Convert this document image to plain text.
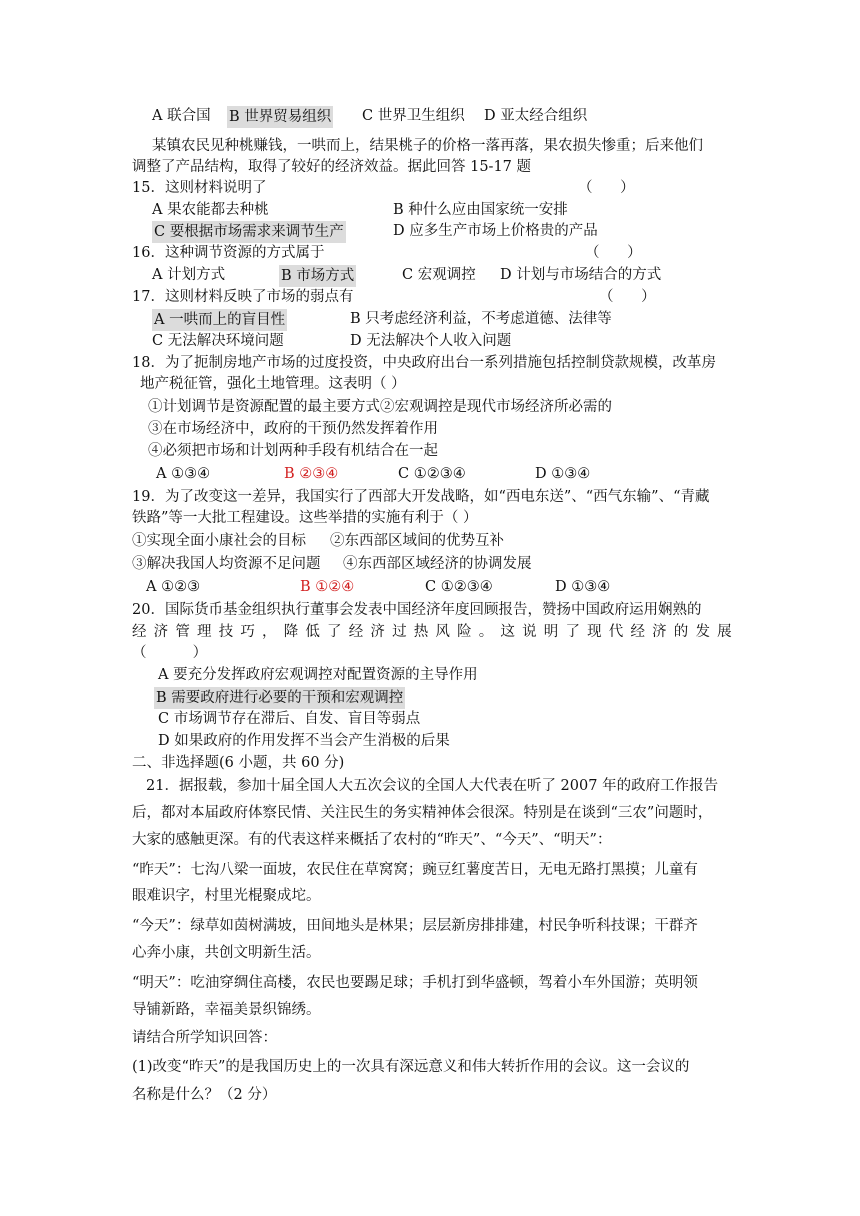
A 联合国 B 世界贸易组织 C 世界卫生组织 D 亚太经合组织
某镇农民见种桃赚钱，一哄而上，结果桃子的价格一落再落，果农损失惨重；后来他们
调整了产品结构，取得了较好的经济效益。据此回答 15-17 题
15．这则材料说明了	（      ）
A 果农能都去种桃	B 种什么应由国家统一安排
C 要根据市场需求来调节生产	D 应多生产市场上价格贵的产品
16．这种调节资源的方式属于	（      ）
A 计划方式	B 市场方式	C 宏观调控 D 计划与市场结合的方式
17．这则材料反映了市场的弱点有	（      ）
A 一哄而上的盲目性	B 只考虑经济利益，不考虑道德、法律等
C 无法解决环境问题	D 无法解决个人收入问题
18．为了扼制房地产市场的过度投资，中央政府出台一系列措施包括控制贷款规模，改革房
地产税征管，强化土地管理。这表明（ ）
①计划调节是资源配置的最主要方式②宏观调控是现代市场经济所必需的
③在市场经济中，政府的干预仍然发挥着作用
④必须把市场和计划两种手段有机结合在一起
A ①③④	B ②③④	C ①②③④	D ①③④
19．为了改变这一差异，我国实行了西部大开发战略，如“西电东送”、“西气东输”、“青藏
铁路”等一大批工程建设。这些举措的实施有利于（ ）
①实现全面小康社会的目标 ②东西部区域间的优势互补
③解决我国人均资源不足问题 ④东西部区域经济的协调发展
A ①②③	B ①②④	C ①②③④	D ①③④
20．国际货币基金组织执行董事会发表中国经济年度回顾报告，赞扬中国政府运用娴熟的
经 济 管 理 技 巧 ， 降 低 了 经 济 过 热 风 险 。 这 说 明 了 现 代 经 济 的 发 展
（          ）
A 要充分发挥政府宏观调控对配置资源的主导作用
B 需要政府进行必要的干预和宏观调控
C 市场调节存在滞后、自发、盲目等弱点
D 如果政府的作用发挥不当会产生消极的后果
二、非选择题(6 小题，共 60 分)
21．据报载，参加十届全国人大五次会议的全国人大代表在听了 2007 年的政府工作报告
后，都对本届政府体察民情、关注民生的务实精神体会很深。特别是在谈到“三农”问题时，
大家的感触更深。有的代表这样来概括了农村的“昨天”、“今天”、“明天”：
“昨天”：七沟八梁一面坡，农民住在草窝窝；豌豆红薯度苦日，无电无路打黑摸；儿童有
眼难识字，村里光棍聚成坨。
“今天”：绿草如茵树满坡，田间地头是林果；层层新房排排建，村民争听科技课；干群齐
心奔小康，共创文明新生活。
“明天”：吃油穿绸住高楼，农民也要踢足球；手机打到华盛顿，驾着小车外国游；英明领
导铺新路，幸福美景织锦绣。
请结合所学知识回答：
(1)改变“昨天”的是我国历史上的一次具有深远意义和伟大转折作用的会议。这一会议的
名称是什么？（2 分）
